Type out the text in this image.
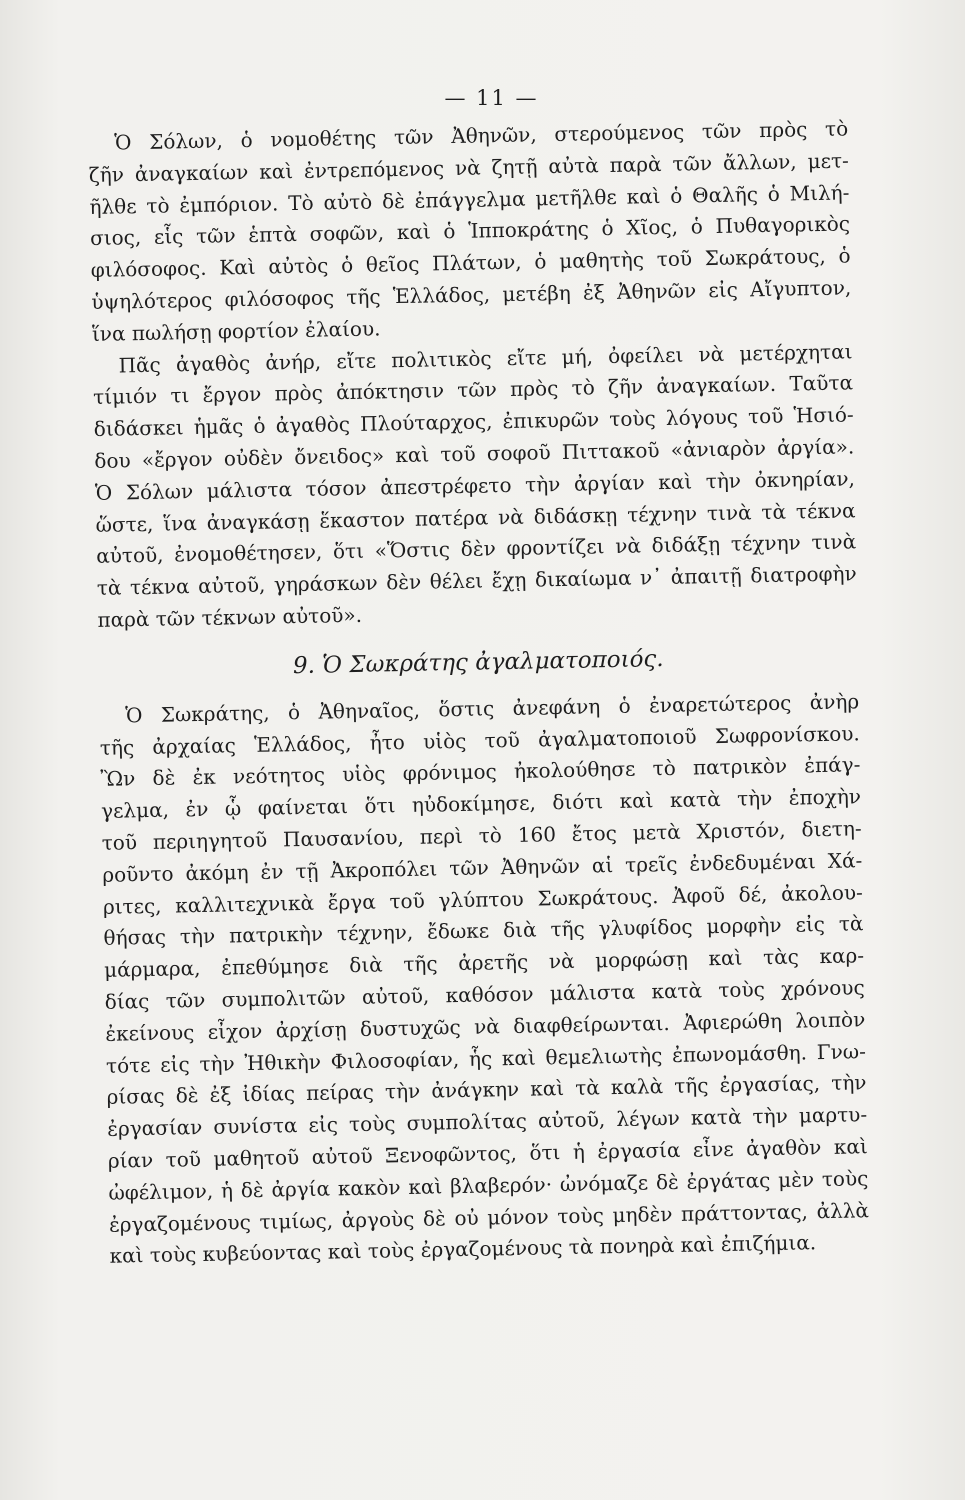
— 11 —
Ὁ Σόλων, ὁ νομοθέτης τῶν Ἀθηνῶν, στερούμενος τῶν πρὸς τὸ
ζῆν ἀναγκαίων καὶ ἐντρεπόμενος νὰ ζητῇ αὐτὰ παρὰ τῶν ἄλλων, μετ-
ῆλθε τὸ ἐμπόριον. Τὸ αὐτὸ δὲ ἐπάγγελμα μετῆλθε καὶ ὁ Θαλῆς ὁ Μιλή-
σιος, εἷς τῶν ἑπτὰ σοφῶν, καὶ ὁ Ἱπποκράτης ὁ Χῖος, ὁ Πυθαγορικὸς
φιλόσοφος. Καὶ αὐτὸς ὁ θεῖος Πλάτων, ὁ μαθητὴς τοῦ Σωκράτους, ὁ
ὑψηλότερος φιλόσοφος τῆς Ἑλλάδος, μετέβη ἐξ Ἀθηνῶν εἰς Αἴγυπτον,
ἵνα πωλήσῃ φορτίον ἐλαίου.
Πᾶς ἀγαθὸς ἀνήρ, εἴτε πολιτικὸς εἴτε μή, ὀφείλει νὰ μετέρχηται
τίμιόν τι ἔργον πρὸς ἀπόκτησιν τῶν πρὸς τὸ ζῆν ἀναγκαίων. Ταῦτα
διδάσκει ἡμᾶς ὁ ἀγαθὸς Πλούταρχος, ἐπικυρῶν τοὺς λόγους τοῦ Ἡσιό-
δου «ἔργον οὐδὲν ὄνειδος» καὶ τοῦ σοφοῦ Πιττακοῦ «ἀνιαρὸν ἀργία».
Ὁ Σόλων μάλιστα τόσον ἀπεστρέφετο τὴν ἀργίαν καὶ τὴν ὀκνηρίαν,
ὥστε, ἵνα ἀναγκάσῃ ἕκαστον πατέρα νὰ διδάσκῃ τέχνην τινὰ τὰ τέκνα
αὐτοῦ, ἐνομοθέτησεν, ὅτι «Ὅστις δὲν φροντίζει νὰ διδάξῃ τέχνην τινὰ
τὰ τέκνα αὐτοῦ, γηράσκων δὲν θέλει ἔχῃ δικαίωμα ν᾽ ἀπαιτῇ διατροφὴν
παρὰ τῶν τέκνων αὐτοῦ».
9. Ὁ Σωκράτης ἀγαλματοποιός.
Ὁ Σωκράτης, ὁ Ἀθηναῖος, ὅστις ἀνεφάνη ὁ ἐναρετώτερος ἀνὴρ
τῆς ἀρχαίας Ἑλλάδος, ἦτο υἱὸς τοῦ ἀγαλματοποιοῦ Σωφρονίσκου.
Ὢν δὲ ἐκ νεότητος υἱὸς φρόνιμος ἠκολούθησε τὸ πατρικὸν ἐπάγ-
γελμα, ἐν ᾧ φαίνεται ὅτι ηὐδοκίμησε, διότι καὶ κατὰ τὴν ἐποχὴν
τοῦ περιηγητοῦ Παυσανίου, περὶ τὸ 160 ἔτος μετὰ Χριστόν, διετη-
ροῦντο ἀκόμη ἐν τῇ Ἀκροπόλει τῶν Ἀθηνῶν αἱ τρεῖς ἐνδεδυμέναι Χά-
ριτες, καλλιτεχνικὰ ἔργα τοῦ γλύπτου Σωκράτους. Ἀφοῦ δέ, ἀκολου-
θήσας τὴν πατρικὴν τέχνην, ἔδωκε διὰ τῆς γλυφίδος μορφὴν εἰς τὰ
μάρμαρα, ἐπεθύμησε διὰ τῆς ἀρετῆς νὰ μορφώσῃ καὶ τὰς καρ-
δίας τῶν συμπολιτῶν αὐτοῦ, καθόσον μάλιστα κατὰ τοὺς χρόνους
ἐκείνους εἶχον ἀρχίσῃ δυστυχῶς νὰ διαφθείρωνται. Ἀφιερώθη λοιπὸν
τότε εἰς τὴν Ἠθικὴν Φιλοσοφίαν, ἧς καὶ θεμελιωτὴς ἐπωνομάσθη. Γνω-
ρίσας δὲ ἐξ ἰδίας πείρας τὴν ἀνάγκην καὶ τὰ καλὰ τῆς ἐργασίας, τὴν
ἐργασίαν συνίστα εἰς τοὺς συμπολίτας αὐτοῦ, λέγων κατὰ τὴν μαρτυ-
ρίαν τοῦ μαθητοῦ αὐτοῦ Ξενοφῶντος, ὅτι ἡ ἐργασία εἶνε ἀγαθὸν καὶ
ὠφέλιμον, ἡ δὲ ἀργία κακὸν καὶ βλαβερόν· ὠνόμαζε δὲ ἐργάτας μὲν τοὺς
ἐργαζομένους τιμίως, ἀργοὺς δὲ οὐ μόνον τοὺς μηδὲν πράττοντας, ἀλλὰ
καὶ τοὺς κυβεύοντας καὶ τοὺς ἐργαζομένους τὰ πονηρὰ καὶ ἐπιζήμια.
